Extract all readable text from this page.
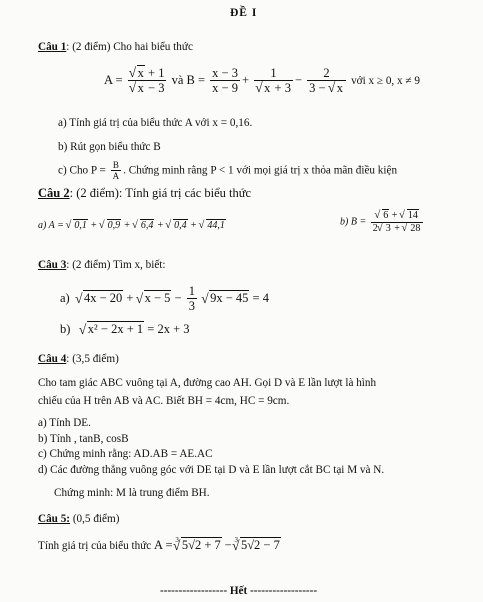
ĐỀ I
Câu 1: (2 điểm) Cho hai biểu thức
A = √ x + 1
√ x − 3 và $B = \frac{x - 3}{x - 9} + 1$
√ $x + 3 - \frac{2}{3 - √ x}$ với x ≥ 0, x ≠ 9
a) Tính giá trị của biểu thức A với x = 0,16.
b) Rút gọn biểu thức B
c) Cho $P = \frac{B}{A}$ . Chứng minh rằng P < 1 với mọi giá trị x thỏa mãn điều kiện
Câu 2: (2 điểm): Tính giá trị các biểu thức
a) A = √ 0,1 + √ 0,9 + √ 6,4 + √ 0,4 + √ 44,1	b) B = √ $\frac{6 + √ 14}{2 √ 3 + √ 28}$
Câu 3: (2 điểm) Tìm x, biết:
a) √ 4x − 20 + √ $x - 5 - \frac{1}{3}$ √ 9x − 45 = 4
b) √ x² − 2x + 1 = 2x + 3
Câu 4: (3,5 điểm)
Cho tam giác ABC vuông tại A, đường cao AH. Gọi D và E lần lượt là hình
chiếu của H trên AB và AC. Biết BH = 4cm, HC = 9cm.
a) Tính DE.
b) Tính , tanB, cosB
c) Chứng minh rằng: AD.AB = AE.AC
d) Các đường thẳng vuông góc với DE tại D và E lần lượt cắt BC tại M và N.
Chứng minh: M là trung điểm BH.
Câu 5: (0,5 điểm)
Tính giá trị của biểu thức A = $^3$ √ 5√2 + 7 − $^3$ √ 5√2 − 7
------------------ Hết ------------------
